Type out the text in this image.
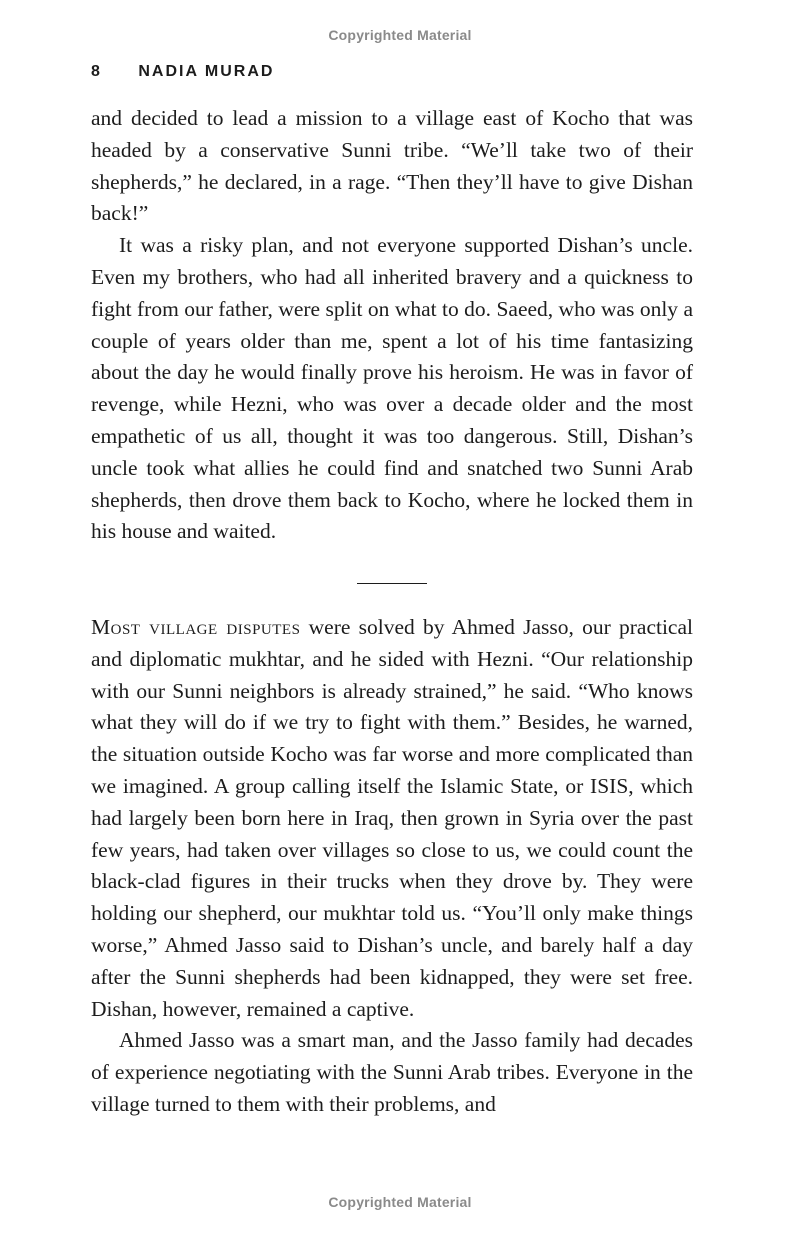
Copyrighted Material
8 NADIA MURAD

and decided to lead a mission to a village east of Kocho that was headed by a conservative Sunni tribe. “We’ll take two of their shepherds,” he declared, in a rage. “Then they’ll have to give Dishan back!”

It was a risky plan, and not everyone supported Dishan’s uncle. Even my brothers, who had all inherited bravery and a quickness to fight from our father, were split on what to do. Saeed, who was only a couple of years older than me, spent a lot of his time fantasizing about the day he would finally prove his heroism. He was in favor of revenge, while Hezni, who was over a decade older and the most empathetic of us all, thought it was too dangerous. Still, Dishan’s uncle took what allies he could find and snatched two Sunni Arab shepherds, then drove them back to Kocho, where he locked them in his house and waited.

Most village disputes were solved by Ahmed Jasso, our practical and diplomatic mukhtar, and he sided with Hezni. “Our relationship with our Sunni neighbors is already strained,” he said. “Who knows what they will do if we try to fight with them.” Besides, he warned, the situation outside Kocho was far worse and more complicated than we imagined. A group calling itself the Islamic State, or ISIS, which had largely been born here in Iraq, then grown in Syria over the past few years, had taken over villages so close to us, we could count the black-clad figures in their trucks when they drove by. They were holding our shepherd, our mukhtar told us. “You’ll only make things worse,” Ahmed Jasso said to Dishan’s uncle, and barely half a day after the Sunni shepherds had been kidnapped, they were set free. Dishan, however, remained a captive.

Ahmed Jasso was a smart man, and the Jasso family had decades of experience negotiating with the Sunni Arab tribes. Everyone in the village turned to them with their problems, and

Copyrighted Material
